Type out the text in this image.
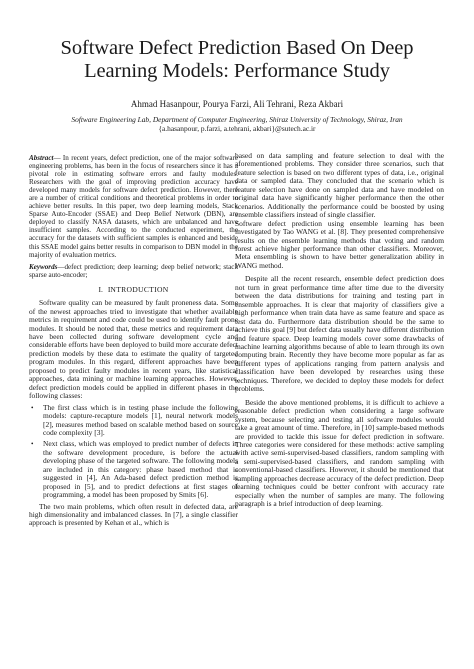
Software Defect Prediction Based On Deep Learning Models: Performance Study
Ahmad Hasanpour, Pourya Farzi, Ali Tehrani, Reza Akbari
Software Engineering Lab, Department of Computer Engineering, Shiraz University of Technology, Shiraz, Iran
{a.hasanpour, p.farzi, a.tehrani, akbari}@sutech.ac.ir

Abstract— In recent years, defect prediction, one of the major software engineering problems, has been in the focus of researchers since it has a pivotal role in estimating software errors and faulty modules. Researchers with the goal of improving prediction accuracy have developed many models for software defect prediction. However, there are a number of critical conditions and theoretical problems in order to achieve better results. In this paper, two deep learning models, Stack Sparse Auto-Encoder (SSAE) and Deep Belief Network (DBN), are deployed to classify NASA datasets, which are unbalanced and have insufficient samples. According to the conducted experiment, the accuracy for the datasets with sufficient samples is enhanced and beside this SSAE model gains better results in comparison to DBN model in the majority of evaluation metrics.

Keywords—defect prediction; deep learning; deep belief network; stack sparse auto-encoder;

I. INTRODUCTION

Software quality can be measured by fault proneness data. Some of the newest approaches tried to investigate that whether available metrics in requirement and code could be used to identify fault prone modules. It should be noted that, these metrics and requirement data have been collected during software development cycle and considerable efforts have been deployed to build more accurate defect prediction models by these data to estimate the quality of targeted program modules. In this regard, different approaches have been proposed to predict faulty modules in recent years, like statistical approaches, data mining or machine learning approaches. However, defect prediction models could be applied in different phases in the following classes:

•	The first class which is in testing phase include the following models: capture-recapture models [1], neural network models [2], measures method based on scalable method based on source code complexity [3].
•	Next class, which was employed to predict number of defects in the software development procedure, is before the actual developing phase of the targeted software. The following models are included in this category: phase based method that is suggested in [4], An Ada-based defect prediction method is proposed in [5], and to predict defections at first stages of programming, a model has been proposed by Smits [6].

The two main problems, which often result in defected data, are high dimensionality and imbalanced classes. In [7], a single classifier approach is presented by Kehan et al., which is

based on data sampling and feature selection to deal with the aforementioned problems. They consider three scenarios, such that feature selection is based on two different types of data, i.e., original data or sampled data. They concluded that the scenario which is feature selection have done on sampled data and have modeled on original data have significantly higher performance then the other scenarios. Additionally the performance could be boosted by using ensemble classifiers instead of single classifier.

Software defect prediction using ensemble learning has been investigated by Tao WANG et al. [8]. They presented comprehensive results on the ensemble learning methods that voting and random forest achieve higher performance than other classifiers. Moreover, Meta ensembling is shown to have better generalization ability in WANG method.

Despite all the recent research, ensemble defect prediction does not turn in great performance time after time due to the diversity between the data distributions for training and testing part in ensemble approaches. It is clear that majority of classifiers give a high performance when train data have as same feature and space as test data do. Furthermore data distribution should be the same to achieve this goal [9] but defect data usually have different distribution and feature space. Deep learning models cover some drawbacks of machine learning algorithms because of able to learn through its own computing brain. Recently they have become more popular as far as different types of applications ranging from pattern analysis and classification have been developed by researches using these techniques. Therefore, we decided to deploy these models for defect problems.

Beside the above mentioned problems, it is difficult to achieve a reasonable defect prediction when considering a large software system, because selecting and testing all software modules would take a great amount of time. Therefore, in [10] sample-based methods are provided to tackle this issue for defect prediction in software. Three categories were considered for these methods: active sampling with active semi-supervised-based classifiers, random sampling with a semi-supervised-based classifiers, and random sampling with conventional-based classifiers. However, it should be mentioned that sampling approaches decrease accuracy of the defect prediction. Deep learning techniques could be better confront with accuracy rate especially when the number of samples are many. The following paragraph is a brief introduction of deep learning.
